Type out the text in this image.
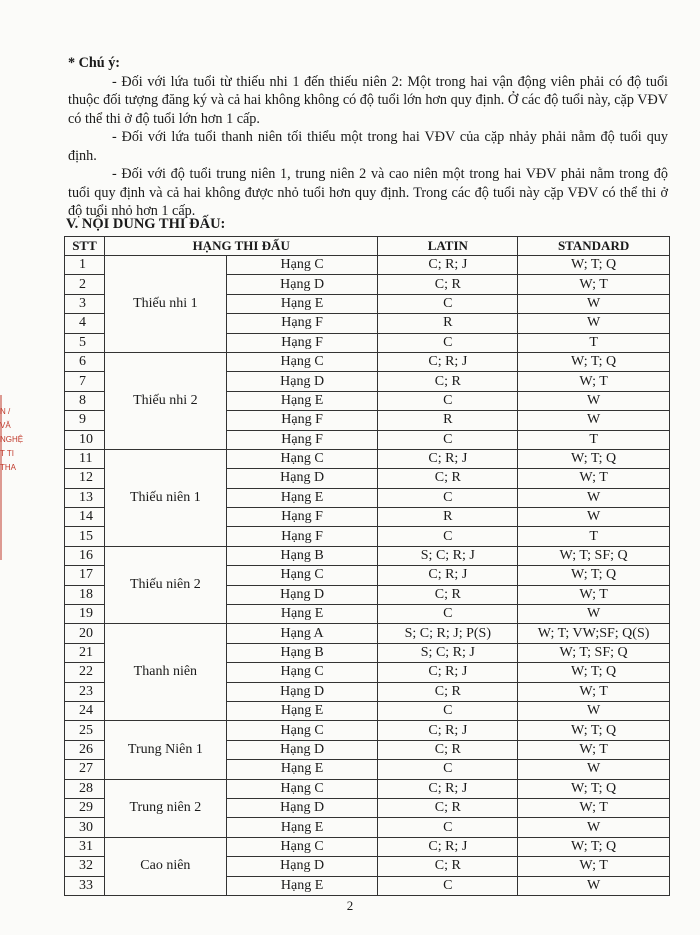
* Chú ý:

- Đối với lứa tuổi từ thiếu nhi 1 đến thiếu niên 2: Một trong hai vận động viên phải có độ tuổi thuộc đối tượng đăng ký và cả hai không không có độ tuổi lớn hơn quy định. Ở các độ tuổi này, cặp VĐV có thể thi ở độ tuổi lớn hơn 1 cấp.

- Đối với lứa tuổi thanh niên tối thiểu một trong hai VĐV của cặp nhảy phải nằm độ tuổi quy định.

- Đối với độ tuổi trung niên 1, trung niên 2 và cao niên một trong hai VĐV phải nằm trong độ tuổi quy định và cả hai không được nhỏ tuổi hơn quy định. Trong các độ tuổi này cặp VĐV có thể thi ở độ tuổi nhỏ hơn 1 cấp.

V. NỘI DUNG THI ĐẤU:
STT	HẠNG THI ĐẤU		LATIN	STANDARD
1	Thiếu nhi 1	Hạng C	C; R; J	W; T; Q
2		Hạng D	C; R	W; T
3		Hạng E	C	W
4		Hạng F	R	W
5		Hạng F	C	T
6	Thiếu nhi 2	Hạng C	C; R; J	W; T; Q
7		Hạng D	C; R	W; T
8		Hạng E	C	W
9		Hạng F	R	W
10		Hạng F	C	T
11	Thiếu niên 1	Hạng C	C; R; J	W; T; Q
12		Hạng D	C; R	W; T
13		Hạng E	C	W
14		Hạng F	R	W
15		Hạng F	C	T
16	Thiếu niên 2	Hạng B	S; C; R; J	W; T; SF; Q
17		Hạng C	C; R; J	W; T; Q
18		Hạng D	C; R	W; T
19		Hạng E	C	W
20	Thanh niên	Hạng A	S; C; R; J; P(S)	W; T; VW;SF; Q(S)
21		Hạng B	S; C; R; J	W; T; SF; Q
22		Hạng C	C; R; J	W; T; Q
23		Hạng D	C; R	W; T
24		Hạng E	C	W
25	Trung Niên 1	Hạng C	C; R; J	W; T; Q
26		Hạng D	C; R	W; T
27		Hạng E	C	W
28	Trung niên 2	Hạng C	C; R; J	W; T; Q
29		Hạng D	C; R	W; T
30		Hạng E	C	W
31	Cao niên	Hạng C	C; R; J	W; T; Q
32		Hạng D	C; R	W; T
33		Hạng E	C	W
2
N /
VĂ
NGHỆ
T TI
THA
